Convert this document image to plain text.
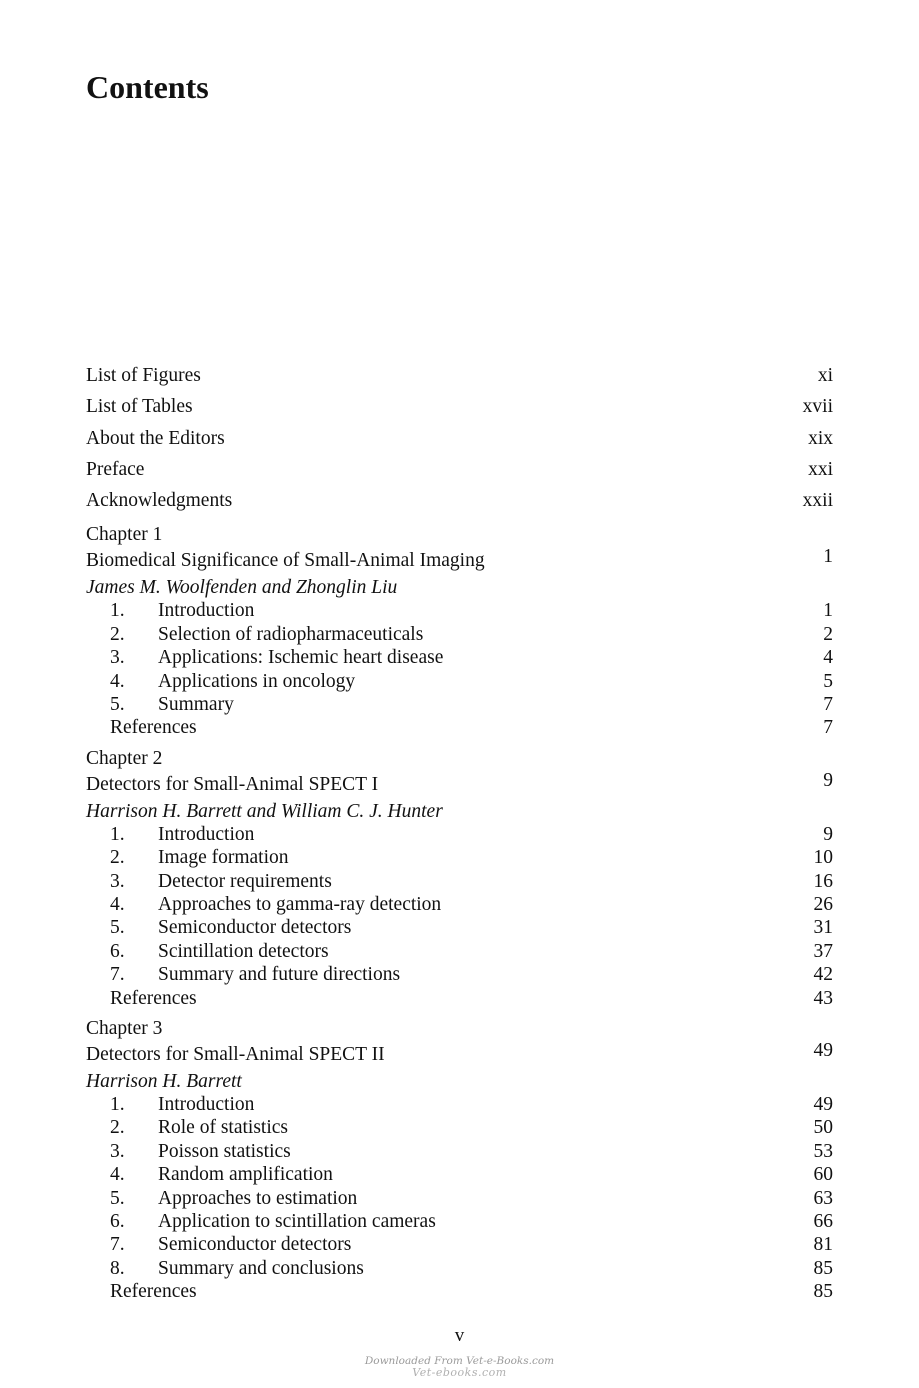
Contents
List of Figures	xi
List of Tables	xvii
About the Editors	xix
Preface	xxi
Acknowledgments	xxii
Chapter 1
Biomedical Significance of Small-Animal Imaging	1
James M. Woolfenden and Zhonglin Liu
1.	Introduction	1
2.	Selection of radiopharmaceuticals	2
3.	Applications: Ischemic heart disease	4
4.	Applications in oncology	5
5.	Summary	7
References	7
Chapter 2
Detectors for Small-Animal SPECT I	9
Harrison H. Barrett and William C. J. Hunter
1.	Introduction	9
2.	Image formation	10
3.	Detector requirements	16
4.	Approaches to gamma-ray detection	26
5.	Semiconductor detectors	31
6.	Scintillation detectors	37
7.	Summary and future directions	42
References	43
Chapter 3
Detectors for Small-Animal SPECT II	49
Harrison H. Barrett
1.	Introduction	49
2.	Role of statistics	50
3.	Poisson statistics	53
4.	Random amplification	60
5.	Approaches to estimation	63
6.	Application to scintillation cameras	66
7.	Semiconductor detectors	81
8.	Summary and conclusions	85
References	85
v
Downloaded From Vet-e-Books.com
Vet-ebooks.com
